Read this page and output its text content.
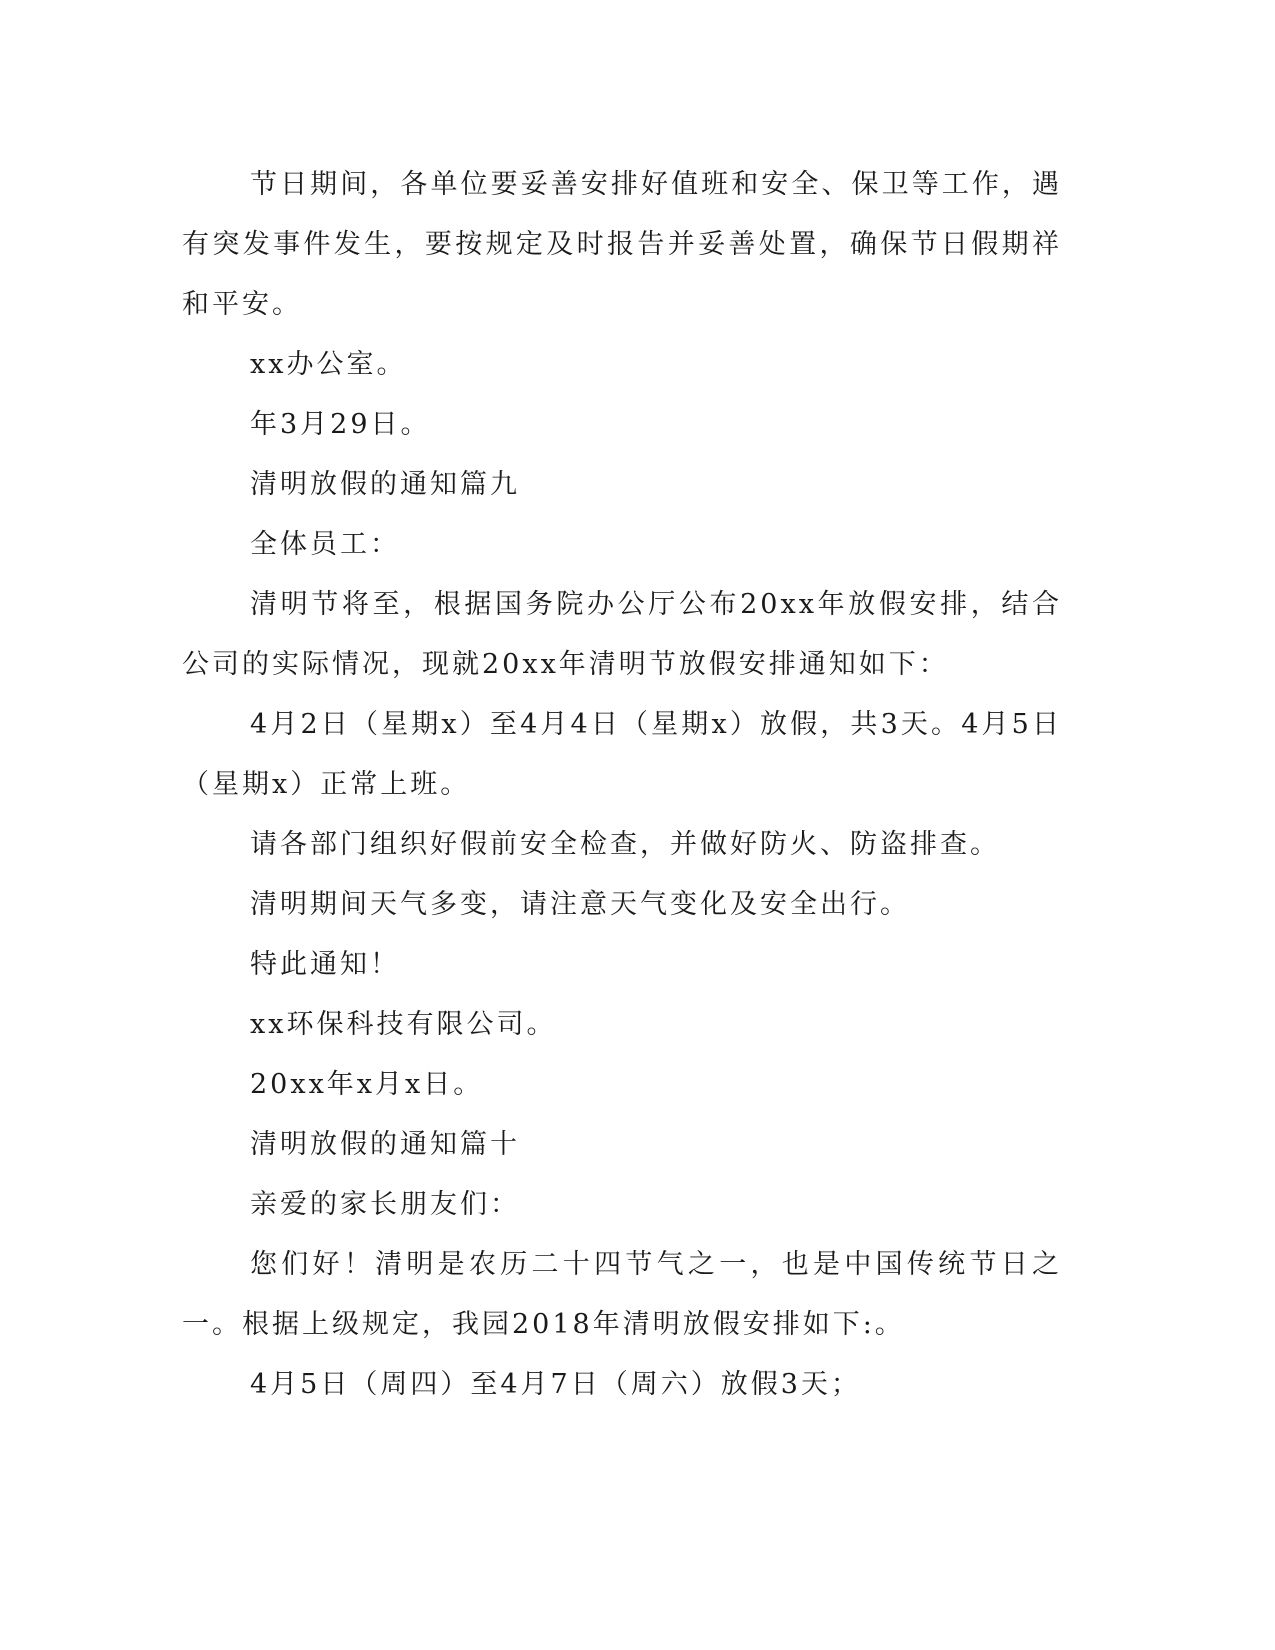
节日期间，各单位要妥善安排好值班和安全、保卫等工作，遇有突发事件发生，要按规定及时报告并妥善处置，确保节日假期祥和平安。

xx办公室。

年3月29日。

清明放假的通知篇九

全体员工：

清明节将至，根据国务院办公厅公布20xx年放假安排，结合公司的实际情况，现就20xx年清明节放假安排通知如下：

4月2日（星期x）至4月4日（星期x）放假，共3天。4月5日（星期x）正常上班。

请各部门组织好假前安全检查，并做好防火、防盗排查。

清明期间天气多变，请注意天气变化及安全出行。

特此通知！

xx环保科技有限公司。

20xx年x月x日。

清明放假的通知篇十

亲爱的家长朋友们：

您们好！清明是农历二十四节气之一，也是中国传统节日之一。根据上级规定，我园2018年清明放假安排如下:。

4月5日（周四）至4月7日（周六）放假3天；
